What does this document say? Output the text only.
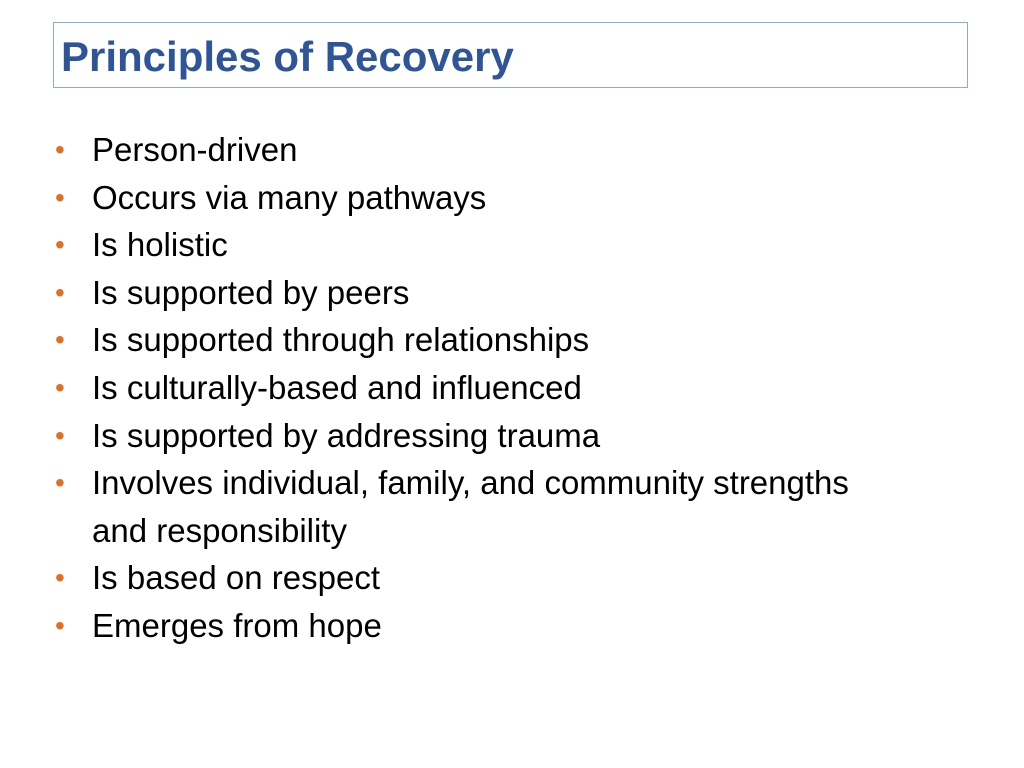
Principles of Recovery
• Person-driven
• Occurs via many pathways
• Is holistic
• Is supported by peers
• Is supported through relationships
• Is culturally-based and influenced
• Is supported by addressing trauma
• Involves individual, family, and community strengths and responsibility
• Is based on respect
• Emerges from hope
